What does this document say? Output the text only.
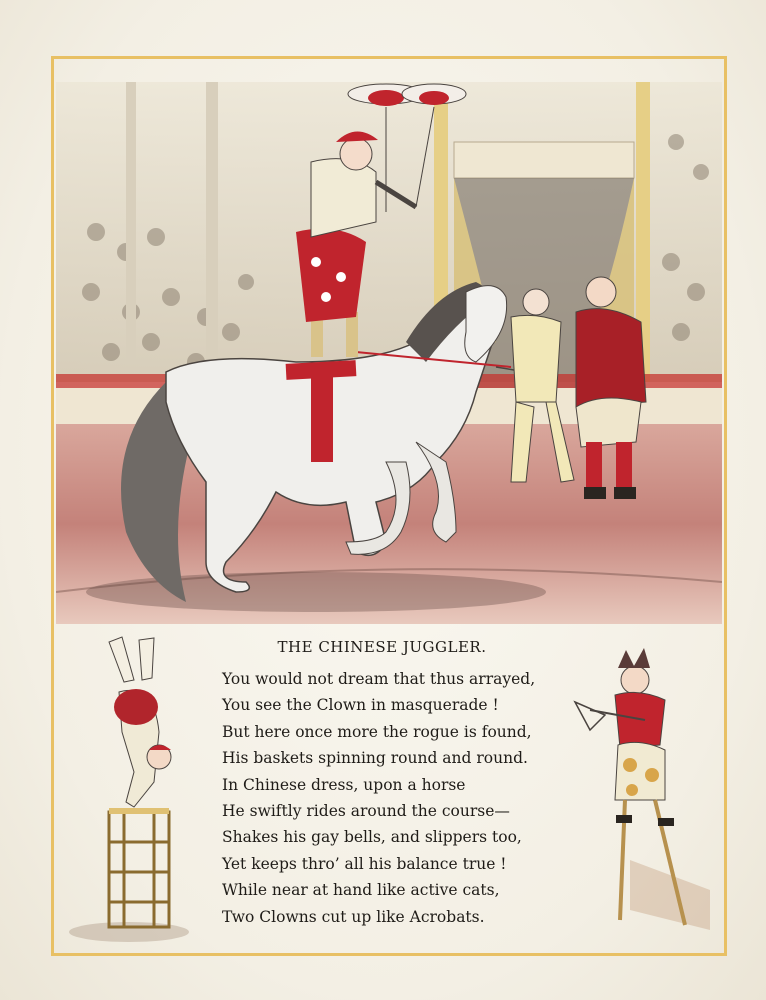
THE CHINESE JUGGLER.

You would not dream that thus arrayed,

You see the Clown in masquerade !

But here once more the rogue is found,

His baskets spinning round and round.

In Chinese dress, upon a horse

He swiftly rides around the course—

Shakes his gay bells, and slippers too,

Yet keeps thro’ all his balance true !

While near at hand like active cats,

Two Clowns cut up like Acrobats.
